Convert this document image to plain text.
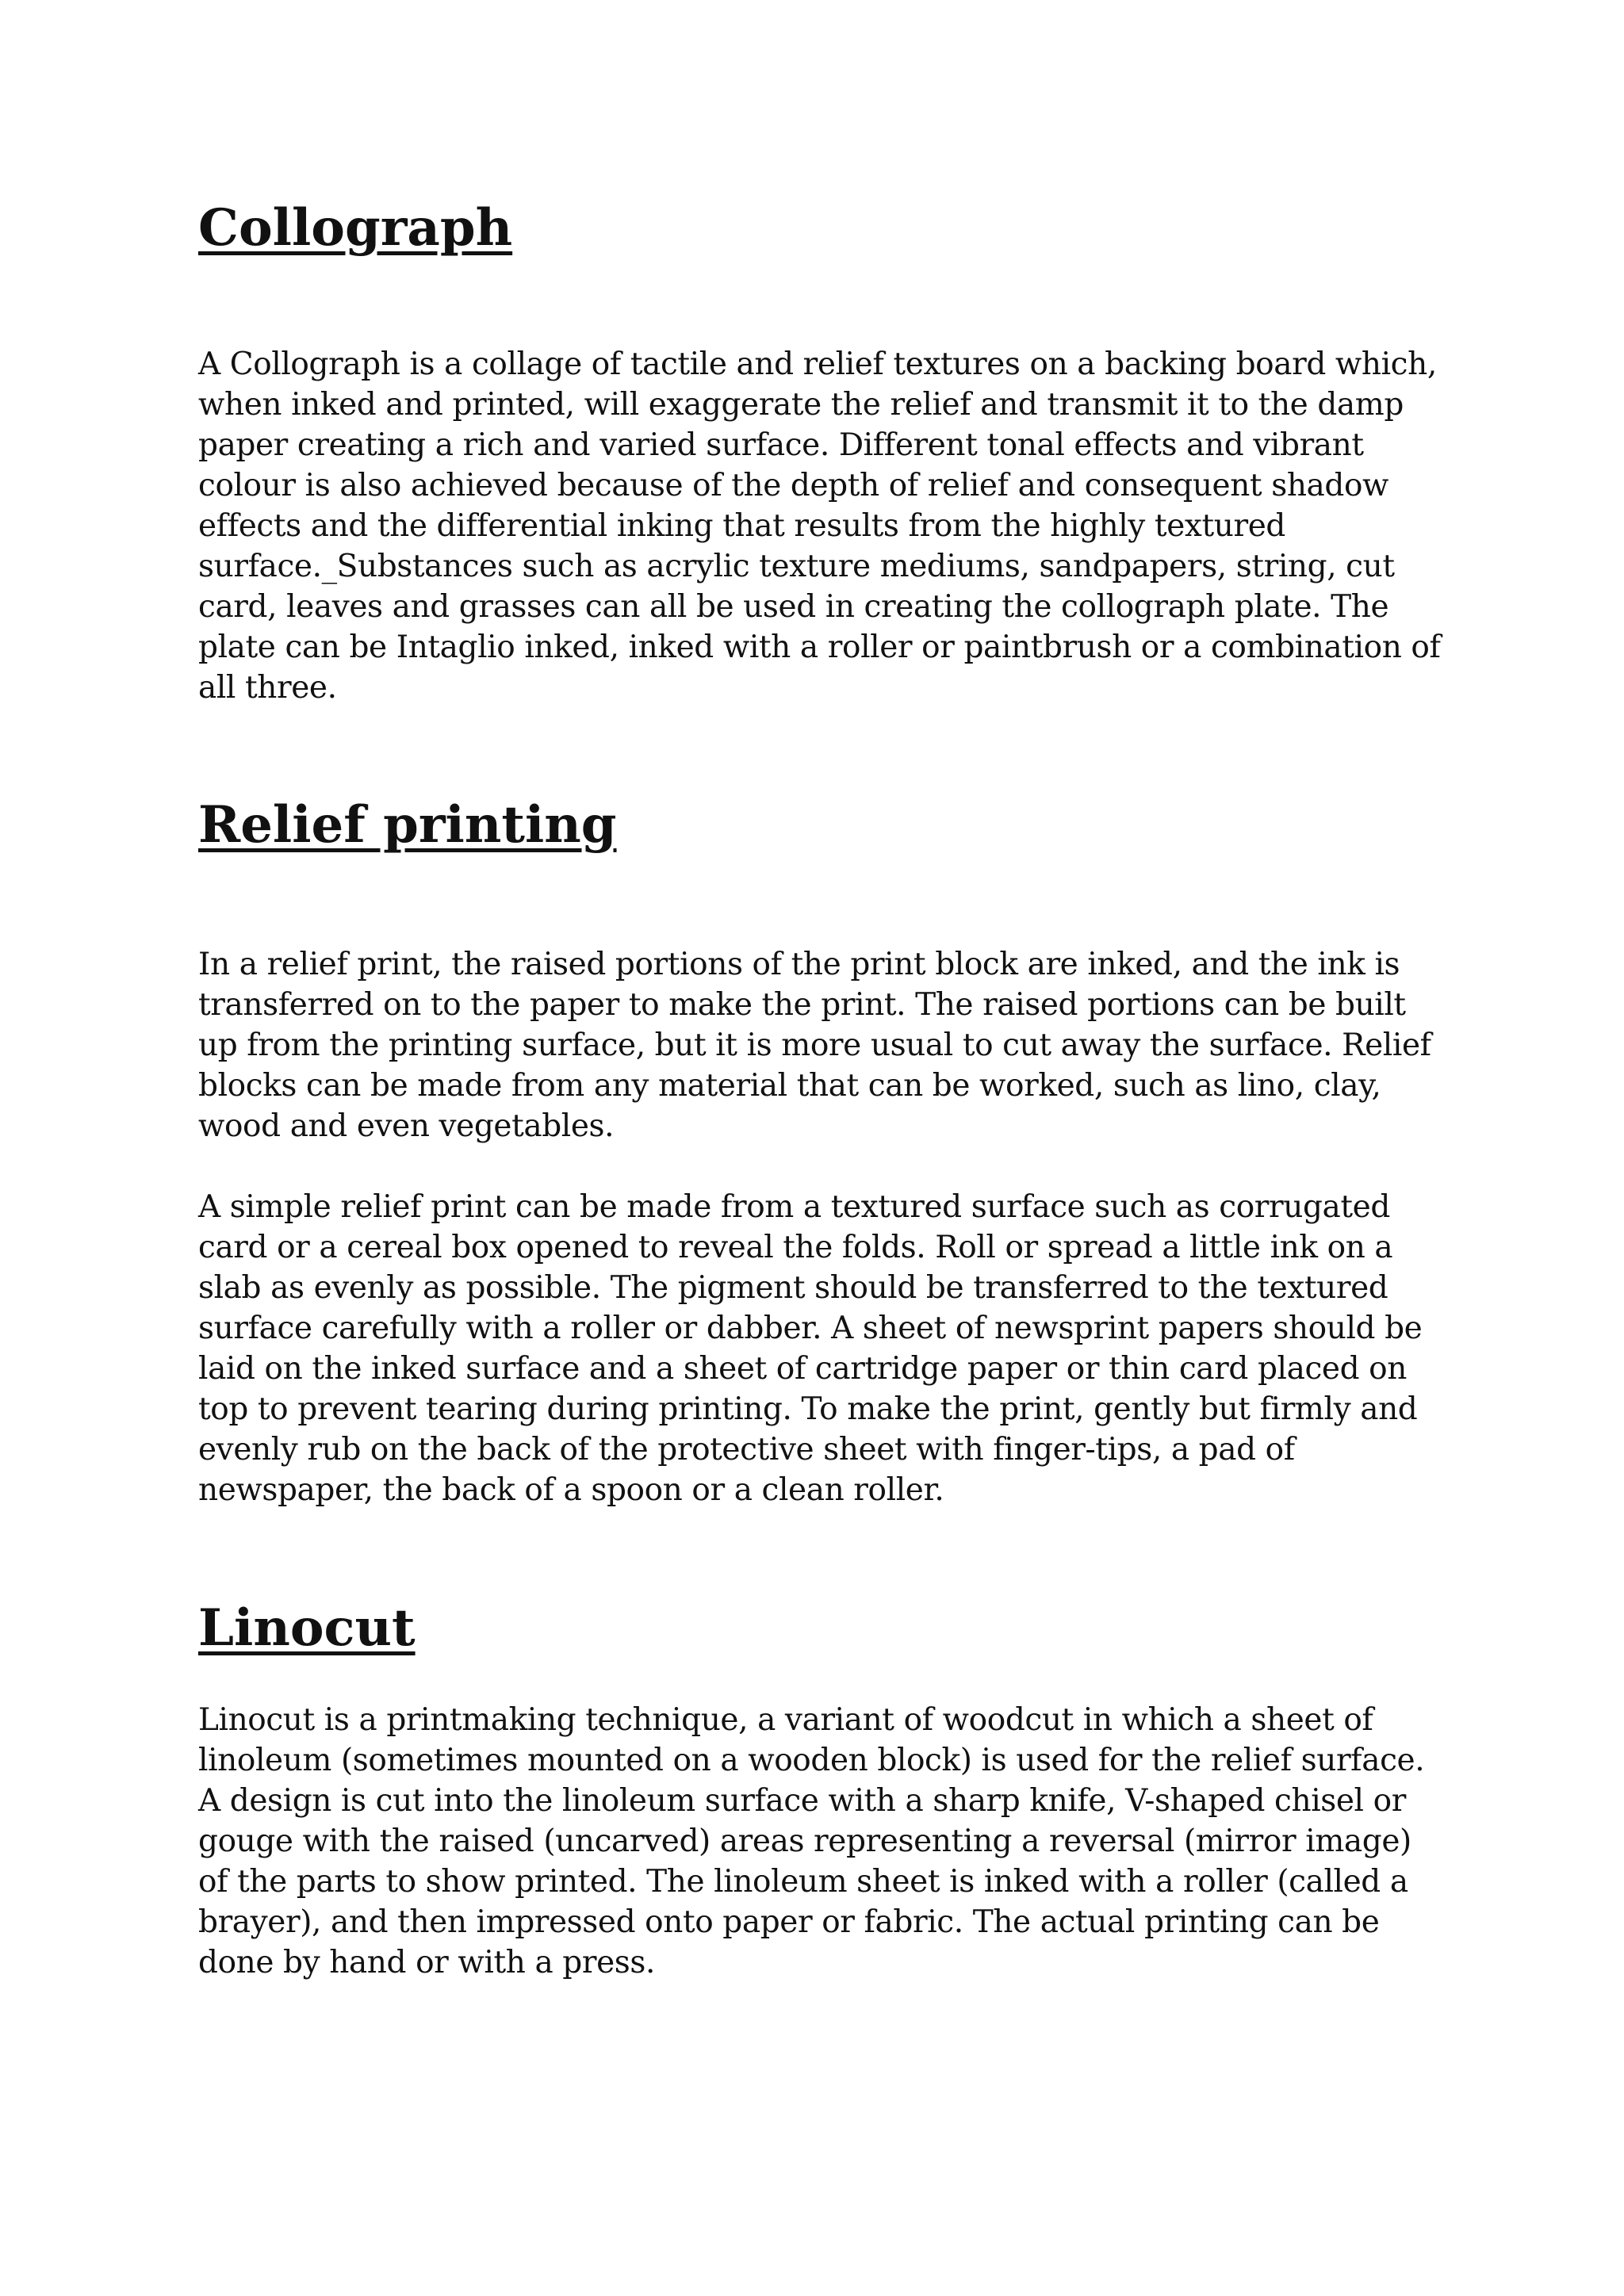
Collograph

A Collograph is a collage of tactile and relief textures on a backing board which, when inked and printed, will exaggerate the relief and transmit it to the damp paper creating a rich and varied surface. Different tonal effects and vibrant colour is also achieved because of the depth of relief and consequent shadow effects and the differential inking that results from the highly textured surface._Substances such as acrylic texture mediums, sandpapers, string, cut card, leaves and grasses can all be used in creating the collograph plate. The plate can be Intaglio inked, inked with a roller or paintbrush or a combination of all three.

Relief printing

In a relief print, the raised portions of the print block are inked, and the ink is transferred on to the paper to make the print. The raised portions can be built up from the printing surface, but it is more usual to cut away the surface. Relief blocks can be made from any material that can be worked, such as lino, clay, wood and even vegetables.

A simple relief print can be made from a textured surface such as corrugated card or a cereal box opened to reveal the folds. Roll or spread a little ink on a slab as evenly as possible. The pigment should be transferred to the textured surface carefully with a roller or dabber. A sheet of newsprint papers should be laid on the inked surface and a sheet of cartridge paper or thin card placed on top to prevent tearing during printing. To make the print, gently but firmly and evenly rub on the back of the protective sheet with finger-tips, a pad of newspaper, the back of a spoon or a clean roller.

Linocut

Linocut is a printmaking technique, a variant of woodcut in which a sheet of linoleum (sometimes mounted on a wooden block) is used for the relief surface. A design is cut into the linoleum surface with a sharp knife, V-shaped chisel or gouge with the raised (uncarved) areas representing a reversal (mirror image) of the parts to show printed. The linoleum sheet is inked with a roller (called a brayer), and then impressed onto paper or fabric. The actual printing can be done by hand or with a press.
